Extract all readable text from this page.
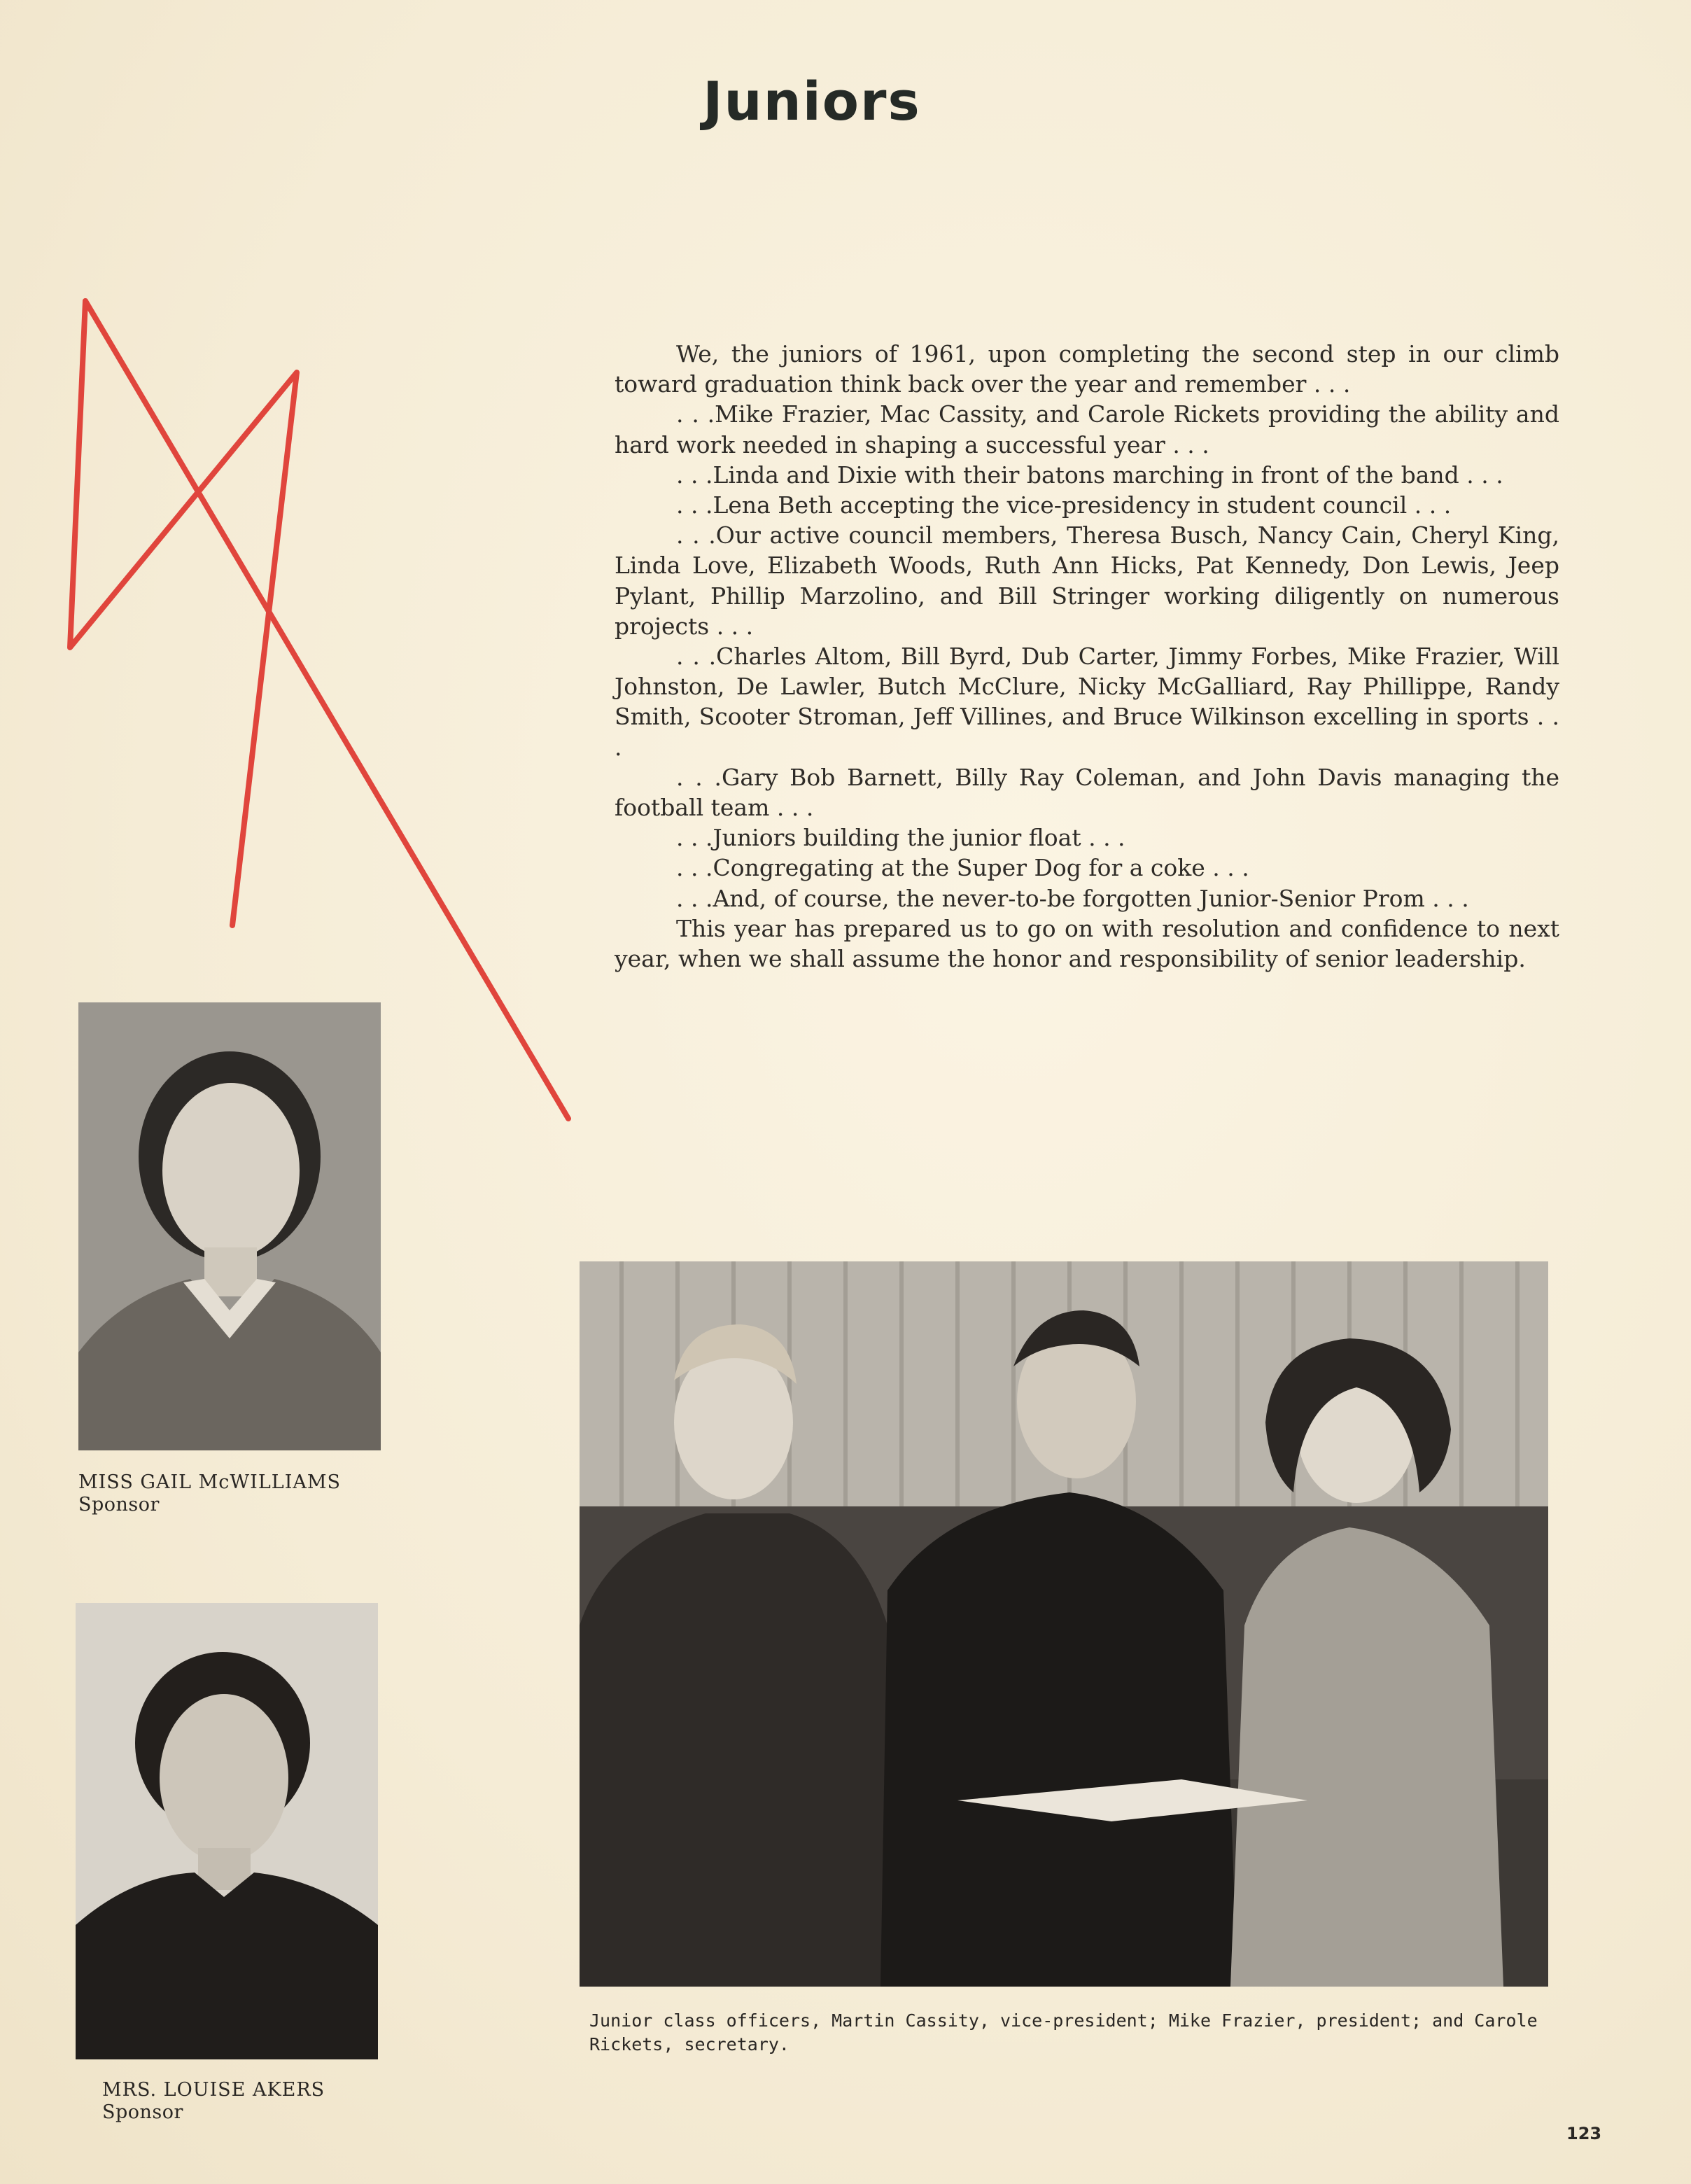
Juniors

We, the juniors of 1961, upon completing the second step in our climb toward graduation think back over the year and remember . . .

. . .Mike Frazier, Mac Cassity, and Carole Rickets providing the ability and hard work needed in shaping a successful year . . .

. . .Linda and Dixie with their batons marching in front of the band . . .

. . .Lena Beth accepting the vice-presidency in student council . . .

. . .Our active council members, Theresa Busch, Nancy Cain, Cheryl King, Linda Love, Elizabeth Woods, Ruth Ann Hicks, Pat Kennedy, Don Lewis, Jeep Pylant, Phillip Marzolino, and Bill Stringer working diligently on numerous projects . . .

. . .Charles Altom, Bill Byrd, Dub Carter, Jimmy Forbes, Mike Frazier, Will Johnston, De Lawler, Butch McClure, Nicky McGalliard, Ray Phillippe, Randy Smith, Scooter Stroman, Jeff Villines, and Bruce Wilkinson excelling in sports . . .

. . .Gary Bob Barnett, Billy Ray Coleman, and John Davis managing the football team . . .

. . .Juniors building the junior float . . .

. . .Congregating at the Super Dog for a coke . . .

. . .And, of course, the never-to-be forgotten Junior-Senior Prom . . .

This year has prepared us to go on with resolution and confidence to next year, when we shall assume the honor and responsibility of senior leadership.

MISS GAIL McWILLIAMS
Sponsor
MRS. LOUISE AKERS
Sponsor
Junior class officers, Martin Cassity, vice-president; Mike Frazier, president; and Carole Rickets, secretary.
123
